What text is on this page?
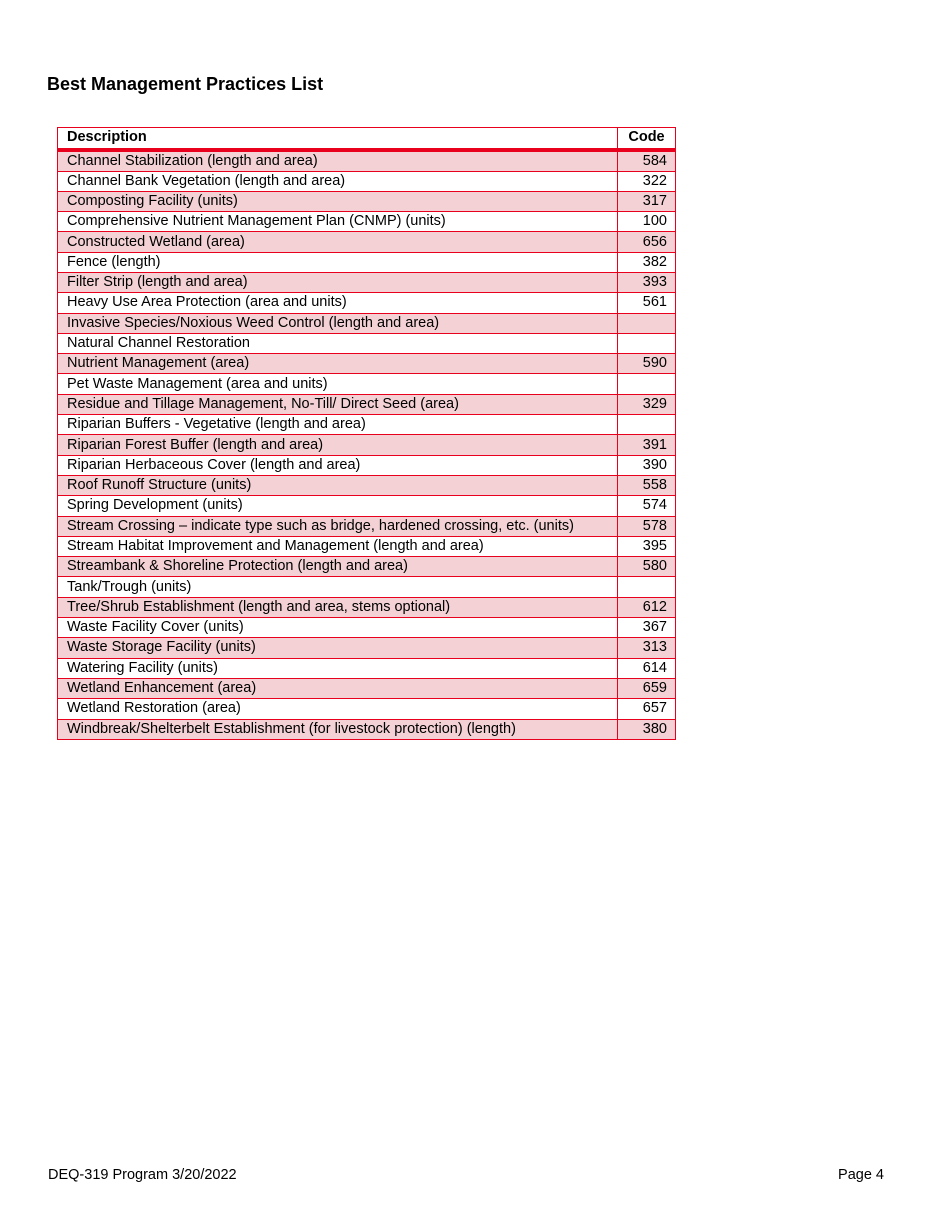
Best Management Practices List
Description	Code
Channel Stabilization (length and area)	584
Channel Bank Vegetation (length and area)	322
Composting Facility (units)	317
Comprehensive Nutrient Management Plan (CNMP) (units)	100
Constructed Wetland (area)	656
Fence (length)	382
Filter Strip (length and area)	393
Heavy Use Area Protection (area and units)	561
Invasive Species/Noxious Weed Control (length and area)	
Natural Channel Restoration	
Nutrient Management (area)	590
Pet Waste Management (area and units)	
Residue and Tillage Management, No-Till/ Direct Seed (area)	329
Riparian Buffers - Vegetative (length and area)	
Riparian Forest Buffer (length and area)	391
Riparian Herbaceous Cover (length and area)	390
Roof Runoff Structure (units)	558
Spring Development (units)	574
Stream Crossing – indicate type such as bridge, hardened crossing, etc. (units)	578
Stream Habitat Improvement and Management (length and area)	395
Streambank & Shoreline Protection (length and area)	580
Tank/Trough (units)	
Tree/Shrub Establishment (length and area, stems optional)	612
Waste Facility Cover (units)	367
Waste Storage Facility (units)	313
Watering Facility (units)	614
Wetland Enhancement (area)	659
Wetland Restoration (area)	657
Windbreak/Shelterbelt Establishment (for livestock protection) (length)	380
DEQ-319 Program 3/20/2022	Page 4
